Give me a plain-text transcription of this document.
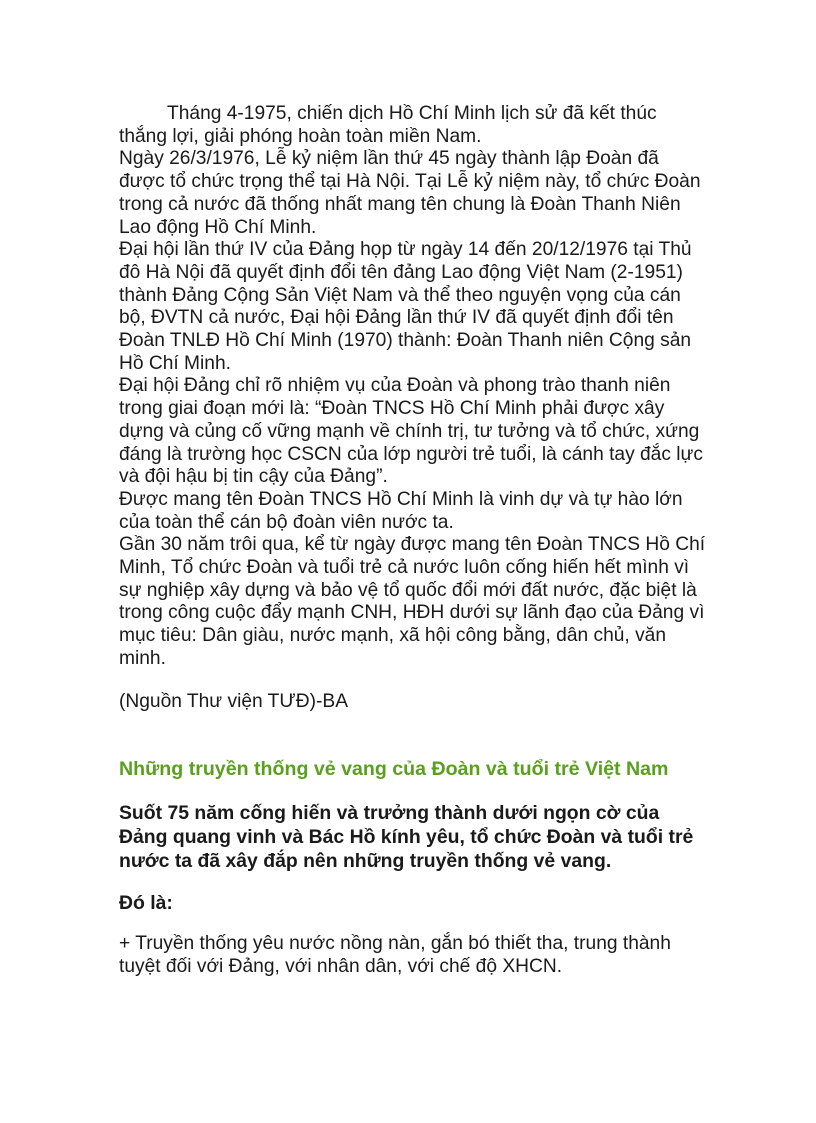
Tháng 4-1975, chiến dịch Hồ Chí Minh lịch sử đã kết thúc thắng lợi, giải phóng hoàn toàn miền Nam.

Ngày 26/3/1976, Lễ kỷ niệm lần thứ 45 ngày thành lập Đoàn đã được tổ chức trọng thể tại Hà Nội. Tại Lễ kỷ niệm này, tổ chức Đoàn trong cả nước đã thống nhất mang tên chung là Đoàn Thanh Niên Lao động Hồ Chí Minh.

Đại hội lần thứ IV của Đảng họp từ ngày 14 đến 20/12/1976 tại Thủ đô Hà Nội đã quyết định đổi tên đảng Lao động Việt Nam (2-1951) thành Đảng Cộng Sản Việt Nam và thể theo nguyện vọng của cán bộ, ĐVTN cả nước, Đại hội Đảng lần thứ IV đã quyết định đổi tên Đoàn TNLĐ Hồ Chí Minh (1970) thành: Đoàn Thanh niên Cộng sản Hồ Chí Minh.

Đại hội Đảng chỉ rõ nhiệm vụ của Đoàn và phong trào thanh niên trong giai đoạn mới là: “Đoàn TNCS Hồ Chí Minh phải được xây dựng và củng cố vững mạnh về chính trị, tư tưởng và tổ chức, xứng đáng là trường học CSCN của lớp người trẻ tuổi, là cánh tay đắc lực và đội hậu bị tin cậy của Đảng”.

Được mang tên Đoàn TNCS Hồ Chí Minh là vinh dự và tự hào lớn của toàn thể cán bộ đoàn viên nước ta.

Gần 30 năm trôi qua, kể từ ngày được mang tên Đoàn TNCS Hồ Chí Minh, Tổ chức Đoàn và tuổi trẻ cả nước luôn cống hiến hết mình vì sự nghiệp xây dựng và bảo vệ tổ quốc đổi mới đất nước, đặc biệt là trong công cuộc đẩy mạnh CNH, HĐH dưới sự lãnh đạo của Đảng vì mục tiêu: Dân giàu, nước mạnh, xã hội công bằng, dân chủ, văn minh.

(Nguồn Thư viện TƯĐ)-BA

Những truyền thống vẻ vang của Đoàn và tuổi trẻ Việt Nam

Suốt 75 năm cống hiến và trưởng thành dưới ngọn cờ của Đảng quang vinh và Bác Hồ kính yêu, tổ chức Đoàn và tuổi trẻ nước ta đã xây đắp nên những truyền thống vẻ vang.

Đó là:

+ Truyền thống yêu nước nồng nàn, gắn bó thiết tha, trung thành tuyệt đối với Đảng, với nhân dân, với chế độ XHCN.
